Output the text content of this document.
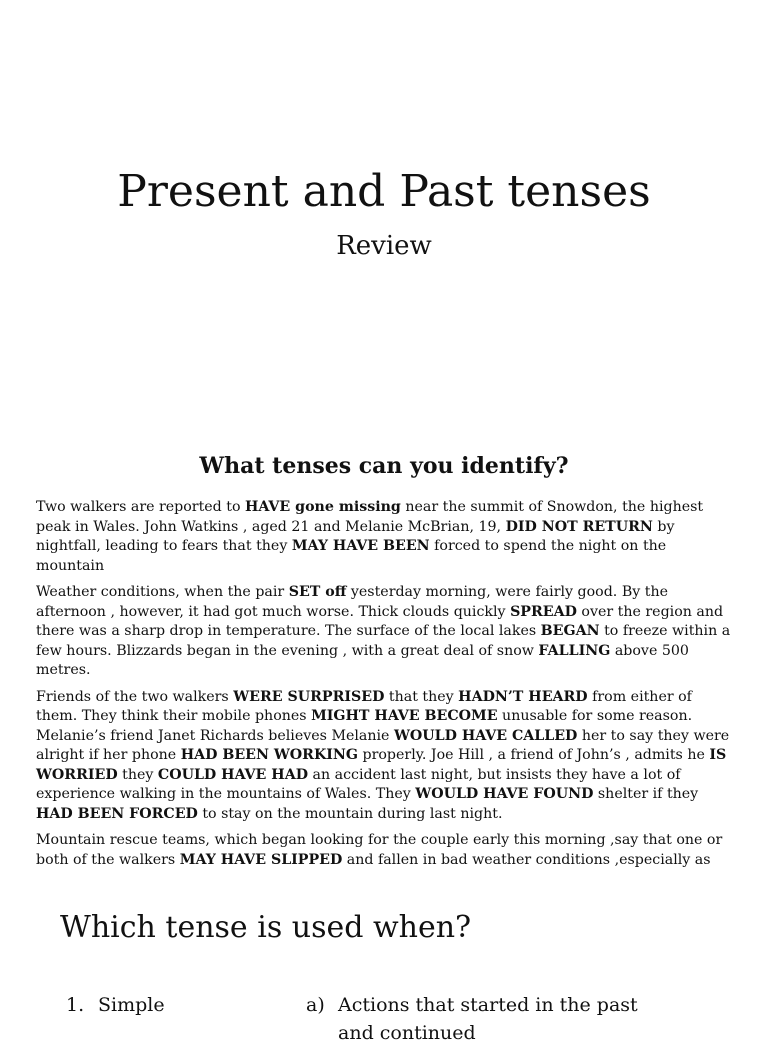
Present and Past tenses
Review
What tenses can you identify?

Two walkers are reported to HAVE gone missing near the summit of Snowdon, the highest peak in Wales. John Watkins , aged 21 and Melanie McBrian, 19, DID NOT RETURN by nightfall, leading to fears that they MAY HAVE BEEN forced to spend the night on the mountain

Weather conditions, when the pair SET off yesterday morning, were fairly good. By the afternoon , however, it had got much worse. Thick clouds quickly SPREAD over the region and there was a sharp drop in temperature. The surface of the local lakes BEGAN to freeze within a few hours. Blizzards began in the evening , with a great deal of snow FALLING above 500 metres.

Friends of the two walkers WERE SURPRISED that they HADN’T HEARD from either of them. They think their mobile phones MIGHT HAVE BECOME unusable for some reason. Melanie’s friend Janet Richards believes Melanie WOULD HAVE CALLED her to say they were alright if her phone HAD BEEN WORKING properly. Joe Hill , a friend of John’s , admits he IS WORRIED they COULD HAVE HAD an accident last night, but insists they have a lot of experience walking in the mountains of Wales. They WOULD HAVE FOUND shelter if they HAD BEEN FORCED to stay on the mountain during last night.

Mountain rescue teams, which began looking for the couple early this morning ,say that one or both of the walkers MAY HAVE SLIPPED and fallen in bad weather conditions ,especially as

Which tense is used when?
1. Simple	a) Actions that started in the past
and continued
